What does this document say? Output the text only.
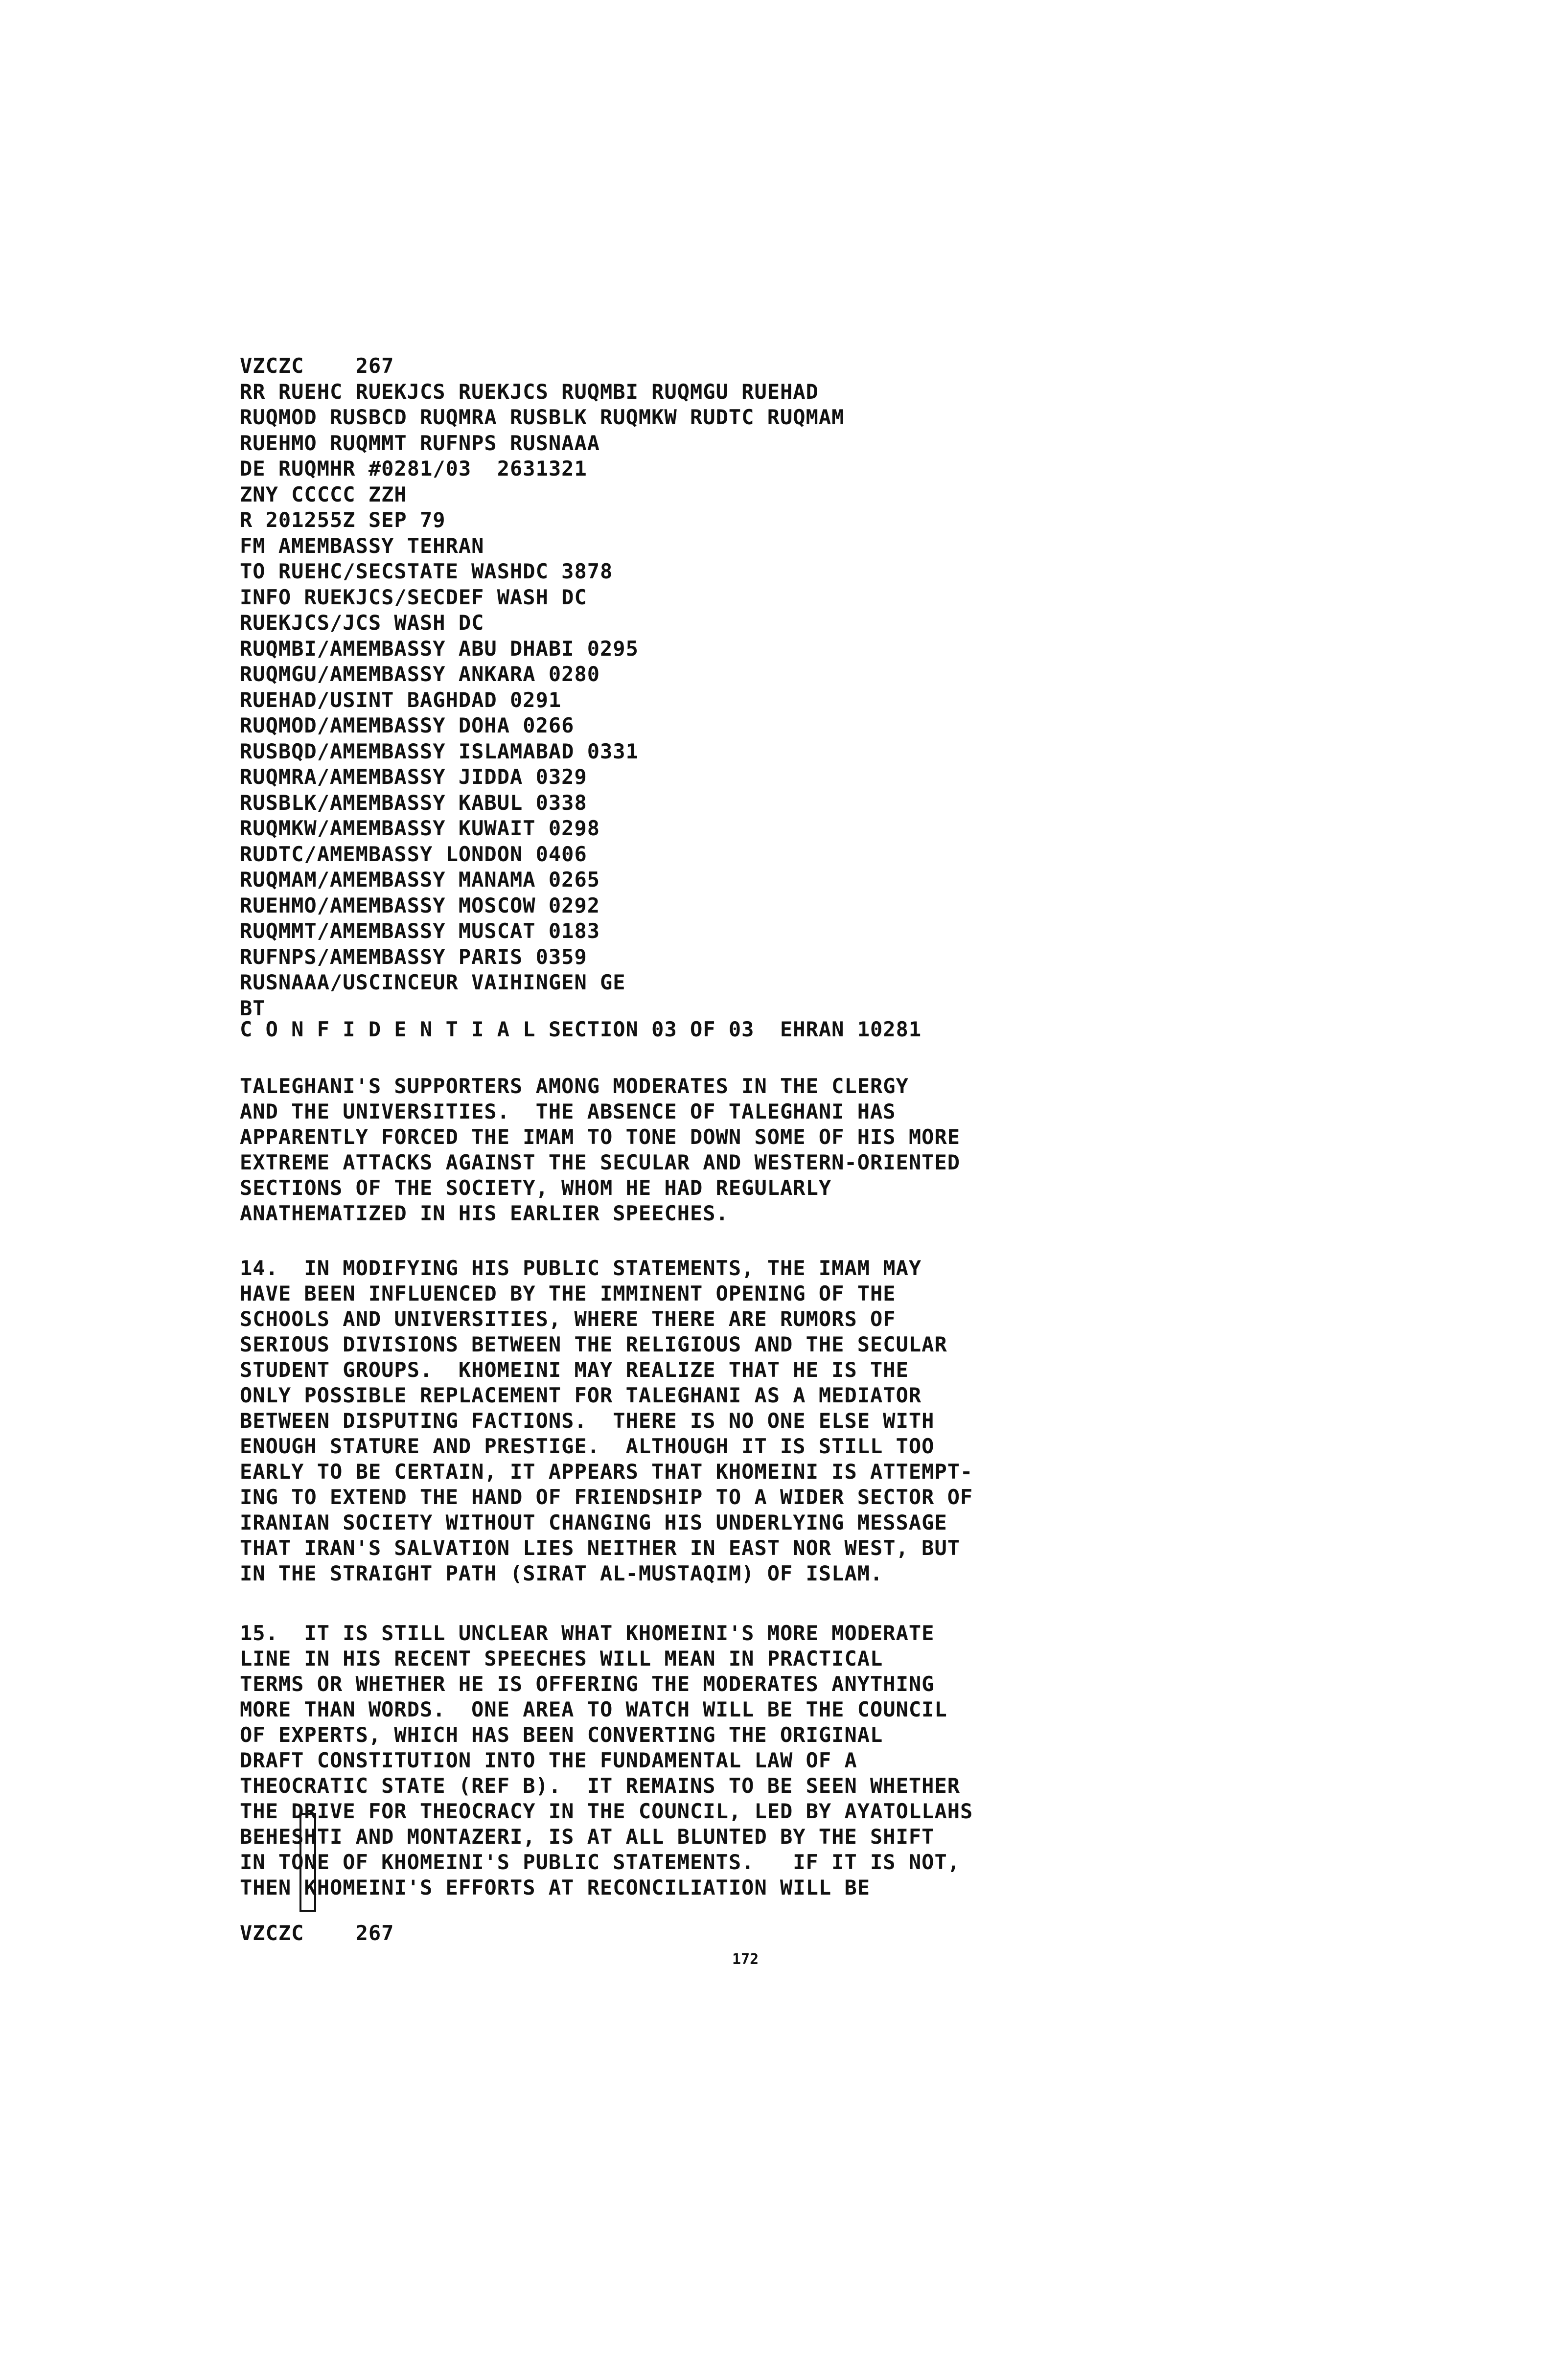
VZCZC    267
RR RUEHC RUEKJCS RUEKJCS RUQMBI RUQMGU RUEHAD
RUQMOD RUSBCD RUQMRA RUSBLK RUQMKW RUDTC RUQMAM
RUEHMO RUQMMT RUFNPS RUSNAAA
DE RUQMHR #0281/03  2631321
ZNY CCCCC ZZH
R 201255Z SEP 79
FM AMEMBASSY TEHRAN
TO RUEHC/SECSTATE WASHDC 3878
INFO RUEKJCS/SECDEF WASH DC
RUEKJCS/JCS WASH DC
RUQMBI/AMEMBASSY ABU DHABI 0295
RUQMGU/AMEMBASSY ANKARA 0280
RUEHAD/USINT BAGHDAD 0291
RUQMOD/AMEMBASSY DOHA 0266
RUSBQD/AMEMBASSY ISLAMABAD 0331
RUQMRA/AMEMBASSY JIDDA 0329
RUSBLK/AMEMBASSY KABUL 0338
RUQMKW/AMEMBASSY KUWAIT 0298
RUDTC/AMEMBASSY LONDON 0406
RUQMAM/AMEMBASSY MANAMA 0265
RUEHMO/AMEMBASSY MOSCOW 0292
RUQMMT/AMEMBASSY MUSCAT 0183
RUFNPS/AMEMBASSY PARIS 0359
RUSNAAA/USCINCEUR VAIHINGEN GE
BT
C O N F I D E N T I A L SECTION 03 OF 03  EHRAN 10281
TALEGHANI'S SUPPORTERS AMONG MODERATES IN THE CLERGY
AND THE UNIVERSITIES.  THE ABSENCE OF TALEGHANI HAS
APPARENTLY FORCED THE IMAM TO TONE DOWN SOME OF HIS MORE
EXTREME ATTACKS AGAINST THE SECULAR AND WESTERN-ORIENTED
SECTIONS OF THE SOCIETY, WHOM HE HAD REGULARLY
ANATHEMATIZED IN HIS EARLIER SPEECHES.
14.  IN MODIFYING HIS PUBLIC STATEMENTS, THE IMAM MAY
HAVE BEEN INFLUENCED BY THE IMMINENT OPENING OF THE
SCHOOLS AND UNIVERSITIES, WHERE THERE ARE RUMORS OF
SERIOUS DIVISIONS BETWEEN THE RELIGIOUS AND THE SECULAR
STUDENT GROUPS.  KHOMEINI MAY REALIZE THAT HE IS THE
ONLY POSSIBLE REPLACEMENT FOR TALEGHANI AS A MEDIATOR
BETWEEN DISPUTING FACTIONS.  THERE IS NO ONE ELSE WITH
ENOUGH STATURE AND PRESTIGE.  ALTHOUGH IT IS STILL TOO
EARLY TO BE CERTAIN, IT APPEARS THAT KHOMEINI IS ATTEMPT-
ING TO EXTEND THE HAND OF FRIENDSHIP TO A WIDER SECTOR OF
IRANIAN SOCIETY WITHOUT CHANGING HIS UNDERLYING MESSAGE
THAT IRAN'S SALVATION LIES NEITHER IN EAST NOR WEST, BUT
IN THE STRAIGHT PATH (SIRAT AL-MUSTAQIM) OF ISLAM.
15.  IT IS STILL UNCLEAR WHAT KHOMEINI'S MORE MODERATE
LINE IN HIS RECENT SPEECHES WILL MEAN IN PRACTICAL
TERMS OR WHETHER HE IS OFFERING THE MODERATES ANYTHING
MORE THAN WORDS.  ONE AREA TO WATCH WILL BE THE COUNCIL
OF EXPERTS, WHICH HAS BEEN CONVERTING THE ORIGINAL
DRAFT CONSTITUTION INTO THE FUNDAMENTAL LAW OF A
THEOCRATIC STATE (REF B).  IT REMAINS TO BE SEEN WHETHER
THE DRIVE FOR THEOCRACY IN THE COUNCIL, LED BY AYATOLLAHS
BEHESHTI AND MONTAZERI, IS AT ALL BLUNTED BY THE SHIFT
IN TONE OF KHOMEINI'S PUBLIC STATEMENTS.   IF IT IS NOT,
THEN KHOMEINI'S EFFORTS AT RECONCILIATION WILL BE
VZCZC    267
172
